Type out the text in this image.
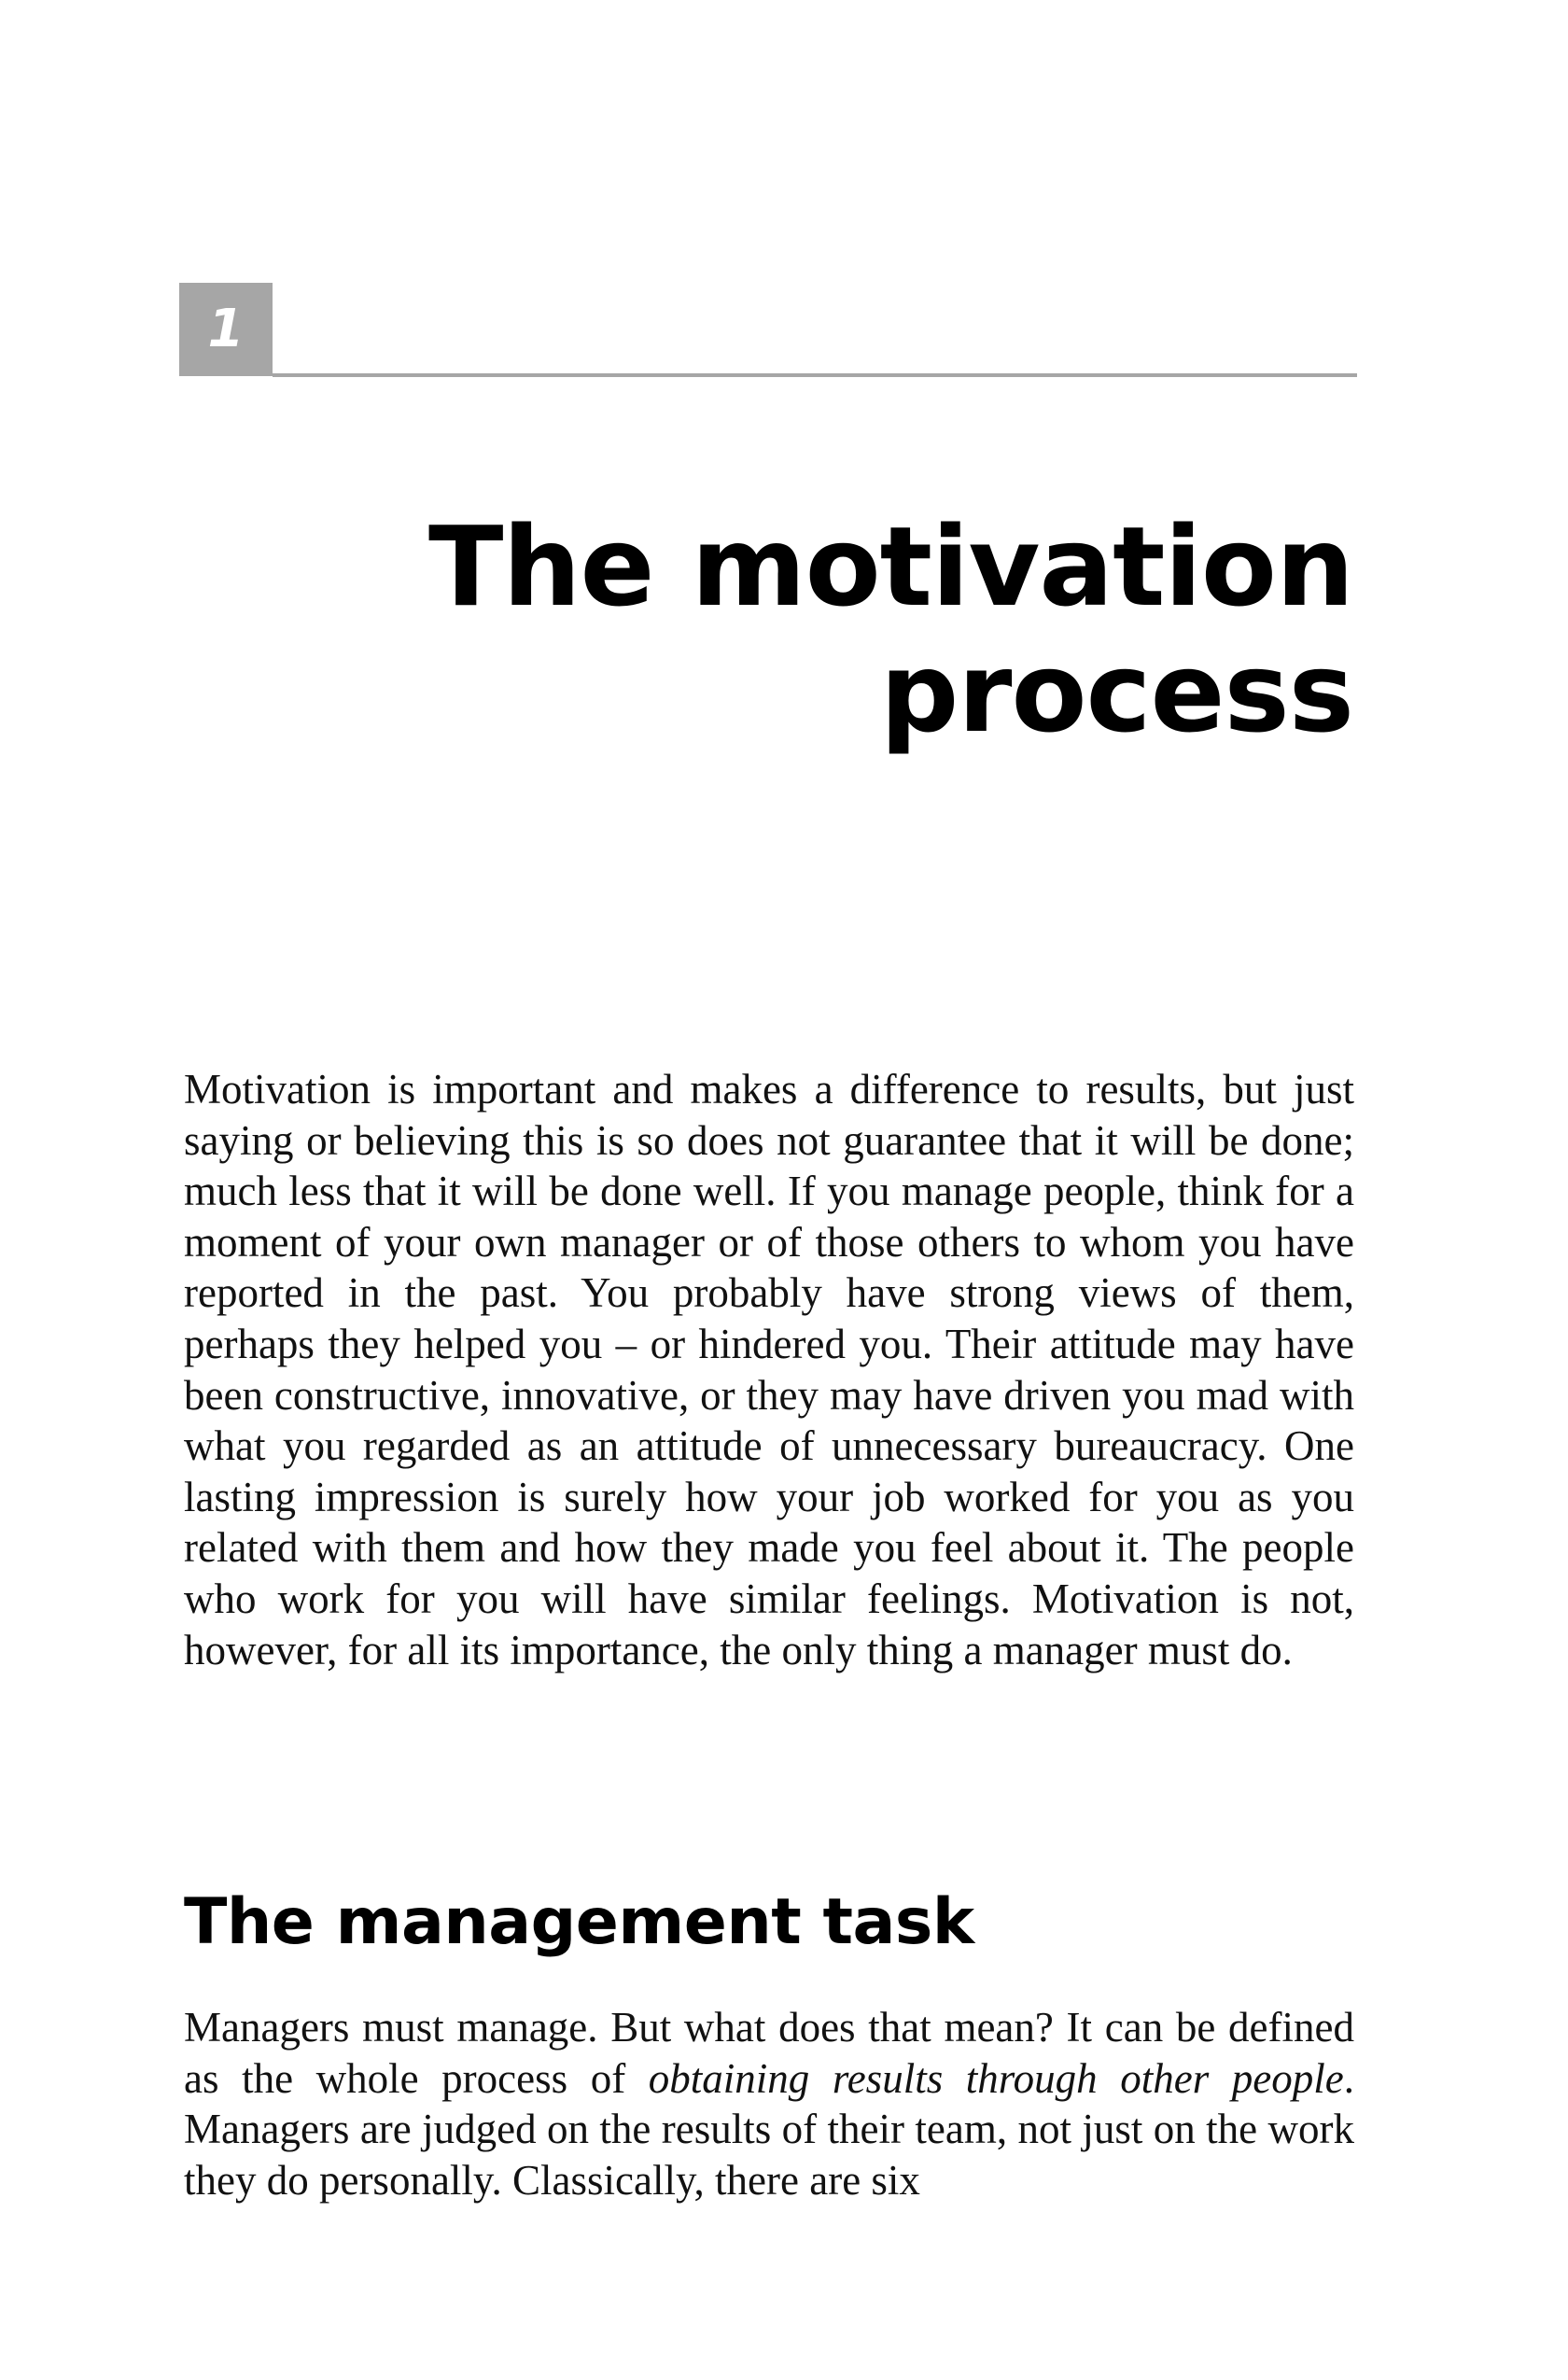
1
The motivation
process

Motivation is important and makes a difference to results, but just saying or believing this is so does not guarantee that it will be done; much less that it will be done well. If you manage people, think for a moment of your own manager or of those others to whom you have reported in the past. You probably have strong views of them, perhaps they helped you – or hindered you. Their attitude may have been constructive, innovative, or they may have driven you mad with what you regarded as an attitude of unnecessary bureaucracy. One lasting impression is surely how your job worked for you as you related with them and how they made you feel about it. The people who work for you will have similar feelings. Motivation is not, however, for all its importance, the only thing a manager must do.

The management task

Managers must manage. But what does that mean? It can be defined as the whole process of obtaining results through other people. Managers are judged on the results of their team, not just on the work they do personally. Classically, there are six
